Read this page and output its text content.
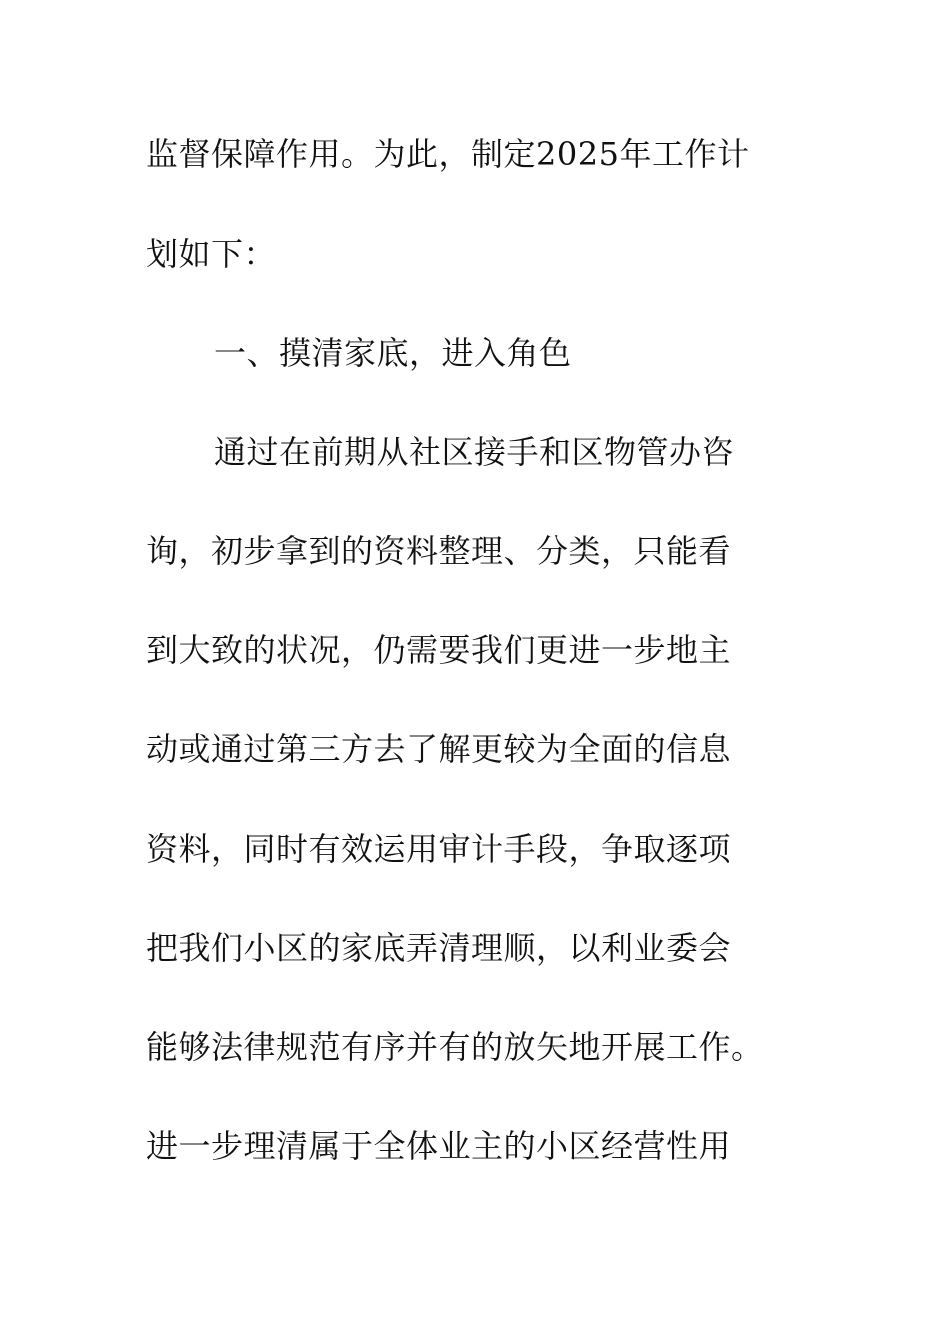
监督保障作用。为此，制定2025年工作计
划如下：
一、摸清家底，进入角色
通过在前期从社区接手和区物管办咨
询，初步拿到的资料整理、分类，只能看
到大致的状况，仍需要我们更进一步地主
动或通过第三方去了解更较为全面的信息
资料，同时有效运用审计手段，争取逐项
把我们小区的家底弄清理顺，以利业委会
能够法律规范有序并有的放矢地开展工作。
进一步理清属于全体业主的小区经营性用
